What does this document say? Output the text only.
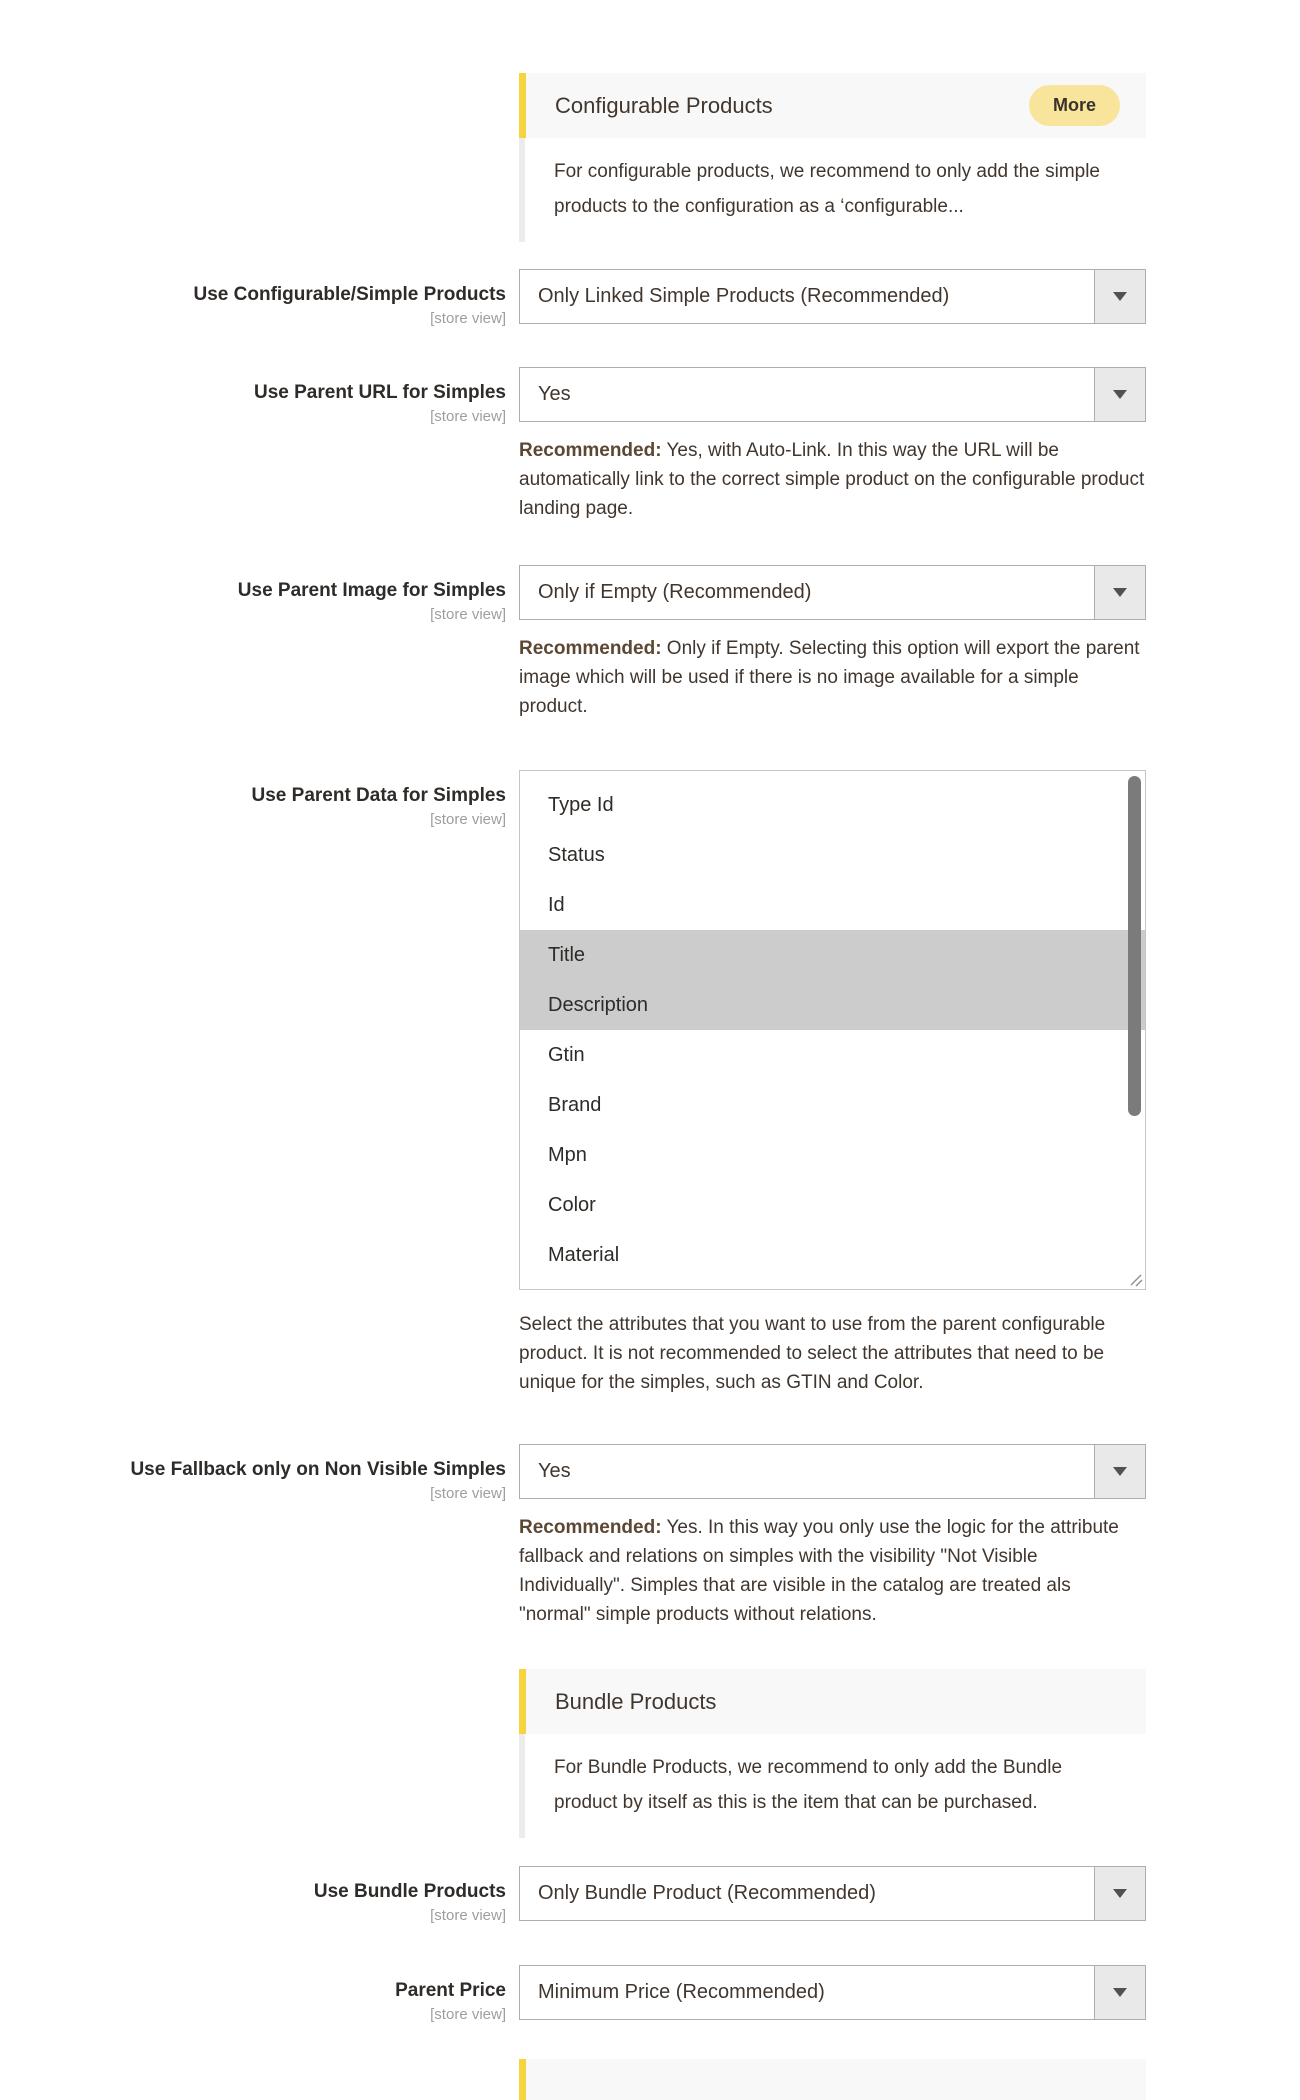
Configurable Products	More
For configurable products, we recommend to only add the simple products to the configuration as a ‘configurable...
Use Configurable/Simple Products
[store view]
Only Linked Simple Products (Recommended)
Use Parent URL for Simples
[store view]
Yes
Recommended: Yes, with Auto-Link. In this way the URL will be automatically link to the correct simple product on the configurable product landing page.
Use Parent Image for Simples
[store view]
Only if Empty (Recommended)
Recommended: Only if Empty. Selecting this option will export the parent image which will be used if there is no image available for a simple product.
Use Parent Data for Simples
[store view]
Type Id
Status
Id
Title
Description
Gtin
Brand
Mpn
Color
Material
Select the attributes that you want to use from the parent configurable product. It is not recommended to select the attributes that need to be unique for the simples, such as GTIN and Color.
Use Fallback only on Non Visible Simples
[store view]
Yes
Recommended: Yes. In this way you only use the logic for the attribute fallback and relations on simples with the visibility "Not Visible Individually". Simples that are visible in the catalog are treated als "normal" simple products without relations.
Bundle Products
For Bundle Products, we recommend to only add the Bundle product by itself as this is the item that can be purchased.
Use Bundle Products
[store view]
Only Bundle Product (Recommended)
Parent Price
[store view]
Minimum Price (Recommended)
